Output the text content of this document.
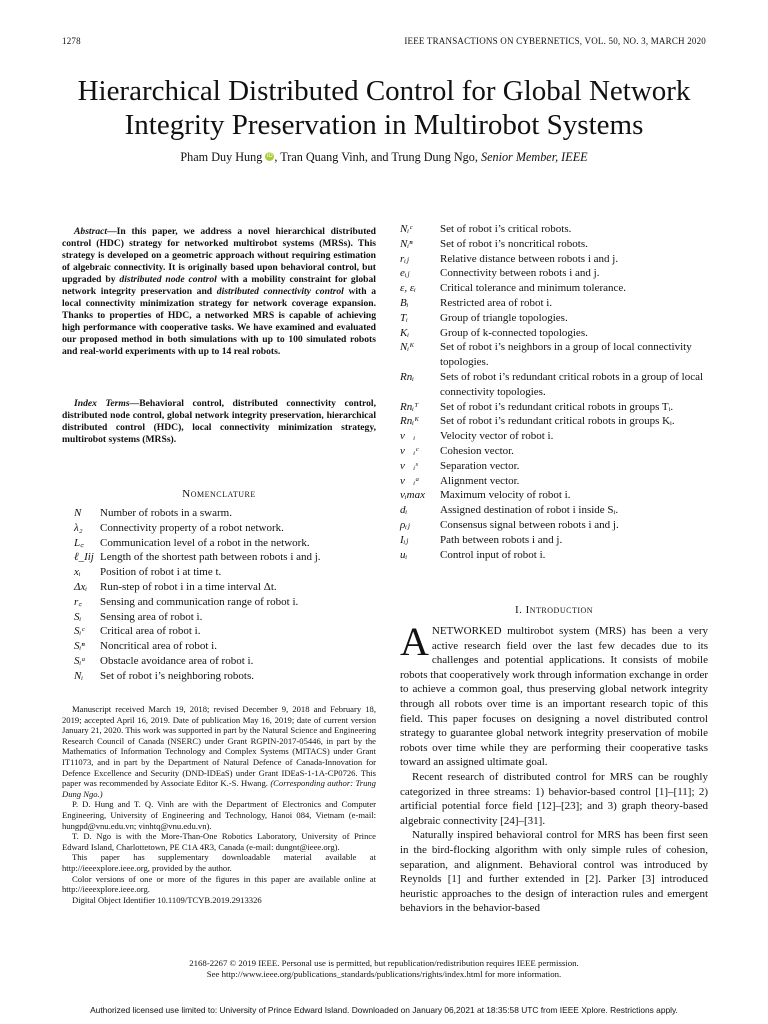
1278	IEEE TRANSACTIONS ON CYBERNETICS, VOL. 50, NO. 3, MARCH 2020
Hierarchical Distributed Control for Global Network
Integrity Preservation in Multirobot Systems
Pham Duy Hung iD , Tran Quang Vinh, and Trung Dung Ngo, Senior Member, IEEE

Abstract—In this paper, we address a novel hierarchical distributed control (HDC) strategy for networked multirobot systems (MRSs). This strategy is developed on a geometric approach without requiring estimation of algebraic connectivity. It is originally based upon behavioral control, but upgraded by distributed node control with a mobility constraint for global network integrity preservation and distributed connectivity control with a local connectivity minimization strategy for network coverage expansion. Thanks to properties of HDC, a networked MRS is capable of achieving high performance with cooperative tasks. We have examined and evaluated our proposed method in both simulations with up to 100 simulated robots and real-world experiments with up to 14 real robots.

Index Terms—Behavioral control, distributed connectivity control, distributed node control, global network integrity preservation, hierarchical distributed control (HDC), local connectivity minimization strategy, multirobot systems (MRSs).

Nomenclature
N	Number of robots in a swarm.
λ₂	Connectivity property of a robot network.
L꜀	Communication level of a robot in the network.
ℓ_Iij Length of the shortest path between robots i and j.
xᵢ	Position of robot i at time t.
Δxᵢ	Run-step of robot i in a time interval Δt.
r꜀	Sensing and communication range of robot i.
Sᵢ	Sensing area of robot i.
Sᵢᶜ	Critical area of robot i.
Sᵢⁿ	Noncritical area of robot i.
Sᵢᵃ	Obstacle avoidance area of robot i.
Nᵢ	Set of robot i’s neighboring robots.
Nᵢᶜ	Set of robot i’s critical robots.
Nᵢⁿ	Set of robot i’s noncritical robots.
rᵢⱼ	Relative distance between robots i and j.
eᵢⱼ	Connectivity between robots i and j.
ε, εᵢ	Critical tolerance and minimum tolerance.
Bᵢ	Restricted area of robot i.
Tᵢ	Group of triangle topologies.
Kᵢ	Group of k-connected topologies.
Nᵢᴷ	Set of robot i’s neighbors in a group of local connectivity topologies.
Rnᵢ	Sets of robot i’s redundant critical robots in a group of local connectivity topologies.
Rnᵢᵀ	Set of robot i’s redundant critical robots in groups Tᵢ.
Rnᵢᴷ	Set of robot i’s redundant critical robots in groups Kᵢ.
v⃗ᵢ	Velocity vector of robot i.
v⃗ᵢᶜ	Cohesion vector.
v⃗ᵢˢ	Separation vector.
v⃗ᵢᵃ	Alignment vector.
vᵢmax	Maximum velocity of robot i.
dᵢ	Assigned destination of robot i inside Sᵢ.
ρᵢⱼ	Consensus signal between robots i and j.
Iᵢⱼ	Path between robots i and j.
uᵢ	Control input of robot i.

Manuscript received March 19, 2018; revised December 9, 2018 and February 18, 2019; accepted April 16, 2019. Date of publication May 16, 2019; date of current version January 21, 2020. This work was supported in part by the Natural Science and Engineering Research Council of Canada (NSERC) under Grant RGPIN-2017-05446, in part by the Mathematics of Information Technology and Complex Systems (MITACS) under Grant IT11073, and in part by the Department of Natural Defence of Canada-Innovation for Defence Excellence and Security (DND-IDEaS) under Grant IDEaS-1-1A-CP0726. This paper was recommended by Associate Editor K.-S. Hwang. (Corresponding author: Trung Dung Ngo.)

P. D. Hung and T. Q. Vinh are with the Department of Electronics and Computer Engineering, University of Engineering and Technology, Hanoi 084, Vietnam (e-mail: hungpd@vnu.edu.vn; vinhtq@vnu.edu.vn).

T. D. Ngo is with the More-Than-One Robotics Laboratory, University of Prince Edward Island, Charlottetown, PE C1A 4R3, Canada (e-mail: dungnt@ieee.org).

This paper has supplementary downloadable material available at http://ieeexplore.ieee.org, provided by the author.

Color versions of one or more of the figures in this paper are available online at http://ieeexplore.ieee.org.

Digital Object Identifier 10.1109/TCYB.2019.2913326

I. Introduction

ANETWORKED multirobot system (MRS) has been a very active research field over the last few decades due to its challenges and potential applications. It consists of mobile robots that cooperatively work through information exchange in order to achieve a common goal, thus preserving global network integrity through all robots over time is an important research topic of this field. This paper focuses on designing a novel distributed control strategy to guarantee global network integrity preservation of mobile robots over time while they are performing their cooperative tasks toward an assigned ultimate goal.

Recent research of distributed control for MRS can be roughly categorized in three streams: 1) behavior-based control [1]–[11]; 2) artificial potential force field [12]–[23]; and 3) graph theory-based algebraic connectivity [24]–[31].

Naturally inspired behavioral control for MRS has been first seen in the bird-flocking algorithm with only simple rules of cohesion, separation, and alignment. Behavioral control was introduced by Reynolds [1] and further extended in [2]. Parker [3] introduced heuristic approaches to the design of interaction rules and emergent behaviors in the behavior-based

2168-2267 © 2019 IEEE. Personal use is permitted, but republication/redistribution requires IEEE permission.
See http://www.ieee.org/publications_standards/publications/rights/index.html for more information.
Authorized licensed use limited to: University of Prince Edward Island. Downloaded on January 06,2021 at 18:35:58 UTC from IEEE Xplore. Restrictions apply.
